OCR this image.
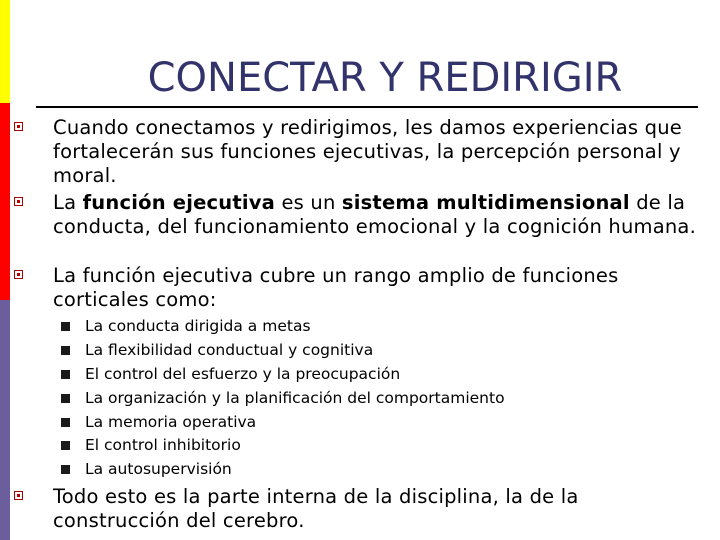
CONECTAR Y REDIRIGIR
Cuando conectamos y redirigimos, les damos experiencias que fortalecerán sus funciones ejecutivas, la percepción personal y moral.
La función ejecutiva es un sistema multidimensional de la conducta, del funcionamiento emocional y la cognición humana.
La función ejecutiva cubre un rango amplio de funciones corticales como:
La conducta dirigida a metas
La flexibilidad conductual y cognitiva
El control del esfuerzo y la preocupación
La organización y la planificación del comportamiento
La memoria operativa
El control inhibitorio
La autosupervisión
Todo esto es la parte interna de la disciplina, la de la construcción del cerebro.
